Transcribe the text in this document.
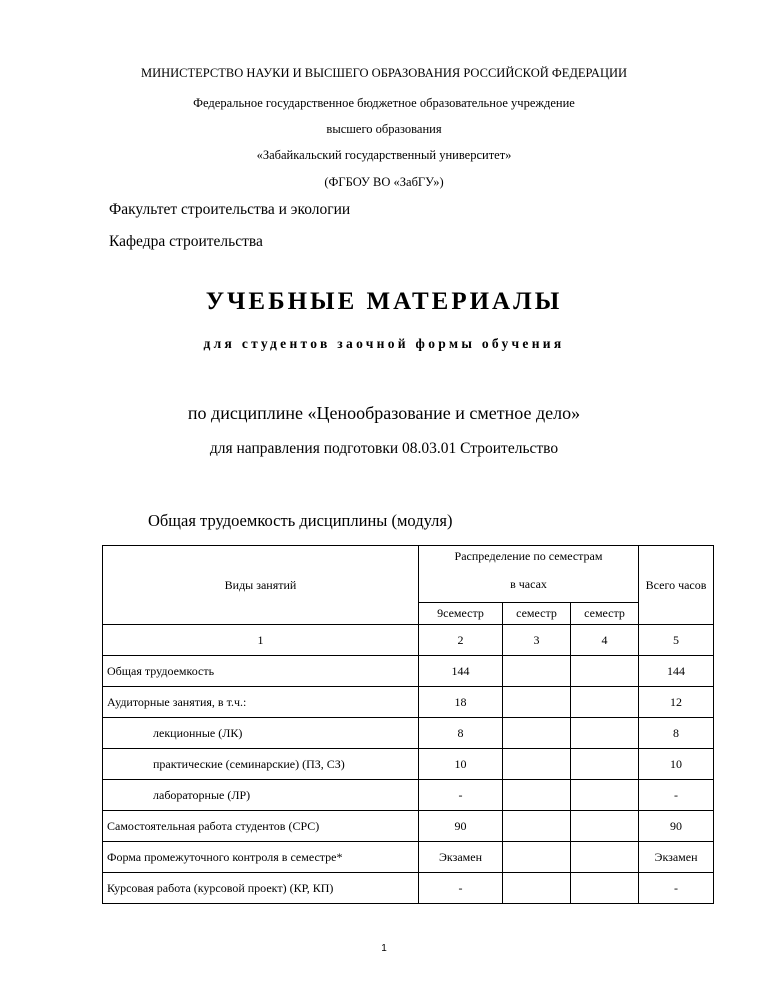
МИНИСТЕРСТВО НАУКИ И ВЫСШЕГО ОБРАЗОВАНИЯ РОССИЙСКОЙ ФЕДЕРАЦИИ
Федеральное государственное бюджетное образовательное учреждение
высшего образования
«Забайкальский государственный университет»
(ФГБОУ ВО «ЗабГУ»)
Факультет строительства и экологии
Кафедра строительства
УЧЕБНЫЕ МАТЕРИАЛЫ
для студентов заочной формы обучения
по дисциплине «Ценообразование и сметное дело»
для направления подготовки 08.03.01 Строительство
Общая трудоемкость дисциплины (модуля)
Виды занятий	Распределение по семестрам			Всего часов
	в часах			
	9семестр	семестр	семестр	
1	2	3	4	5
Общая трудоемкость	144			144
Аудиторные занятия, в т.ч.:	18			12
лекционные (ЛК)	8			8
практические (семинарские) (ПЗ, СЗ)	10			10
лабораторные (ЛР)	-			-
Самостоятельная работа студентов (СРС)	90			90
Форма промежуточного контроля в семестре*	Экзамен			Экзамен
Курсовая работа (курсовой проект) (КР, КП)	-			-
1
